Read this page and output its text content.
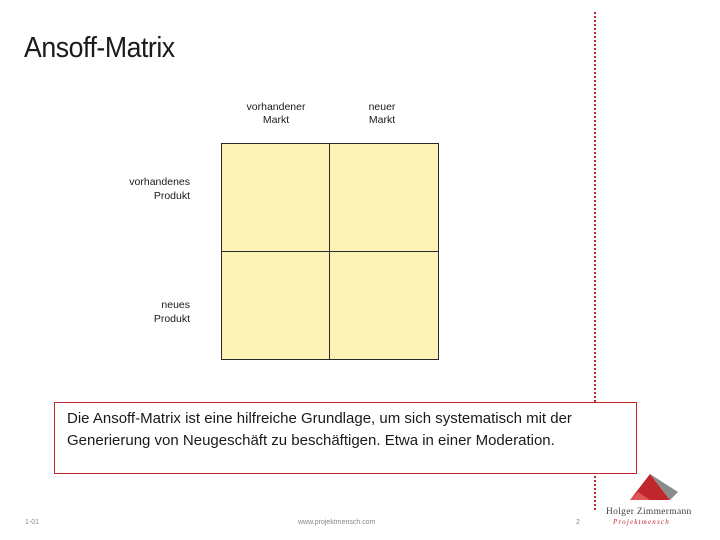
Ansoff-Matrix
vorhandener
Markt
neuer
Markt
vorhandenes
Produkt
neues
Produkt
Die Ansoff-Matrix ist eine hilfreiche Grundlage, um sich systematisch mit der Generierung von Neugeschäft zu beschäftigen. Etwa in einer Moderation.
1-01	www.projektmensch.com	2
Holger Zimmermann
Projektmensch
